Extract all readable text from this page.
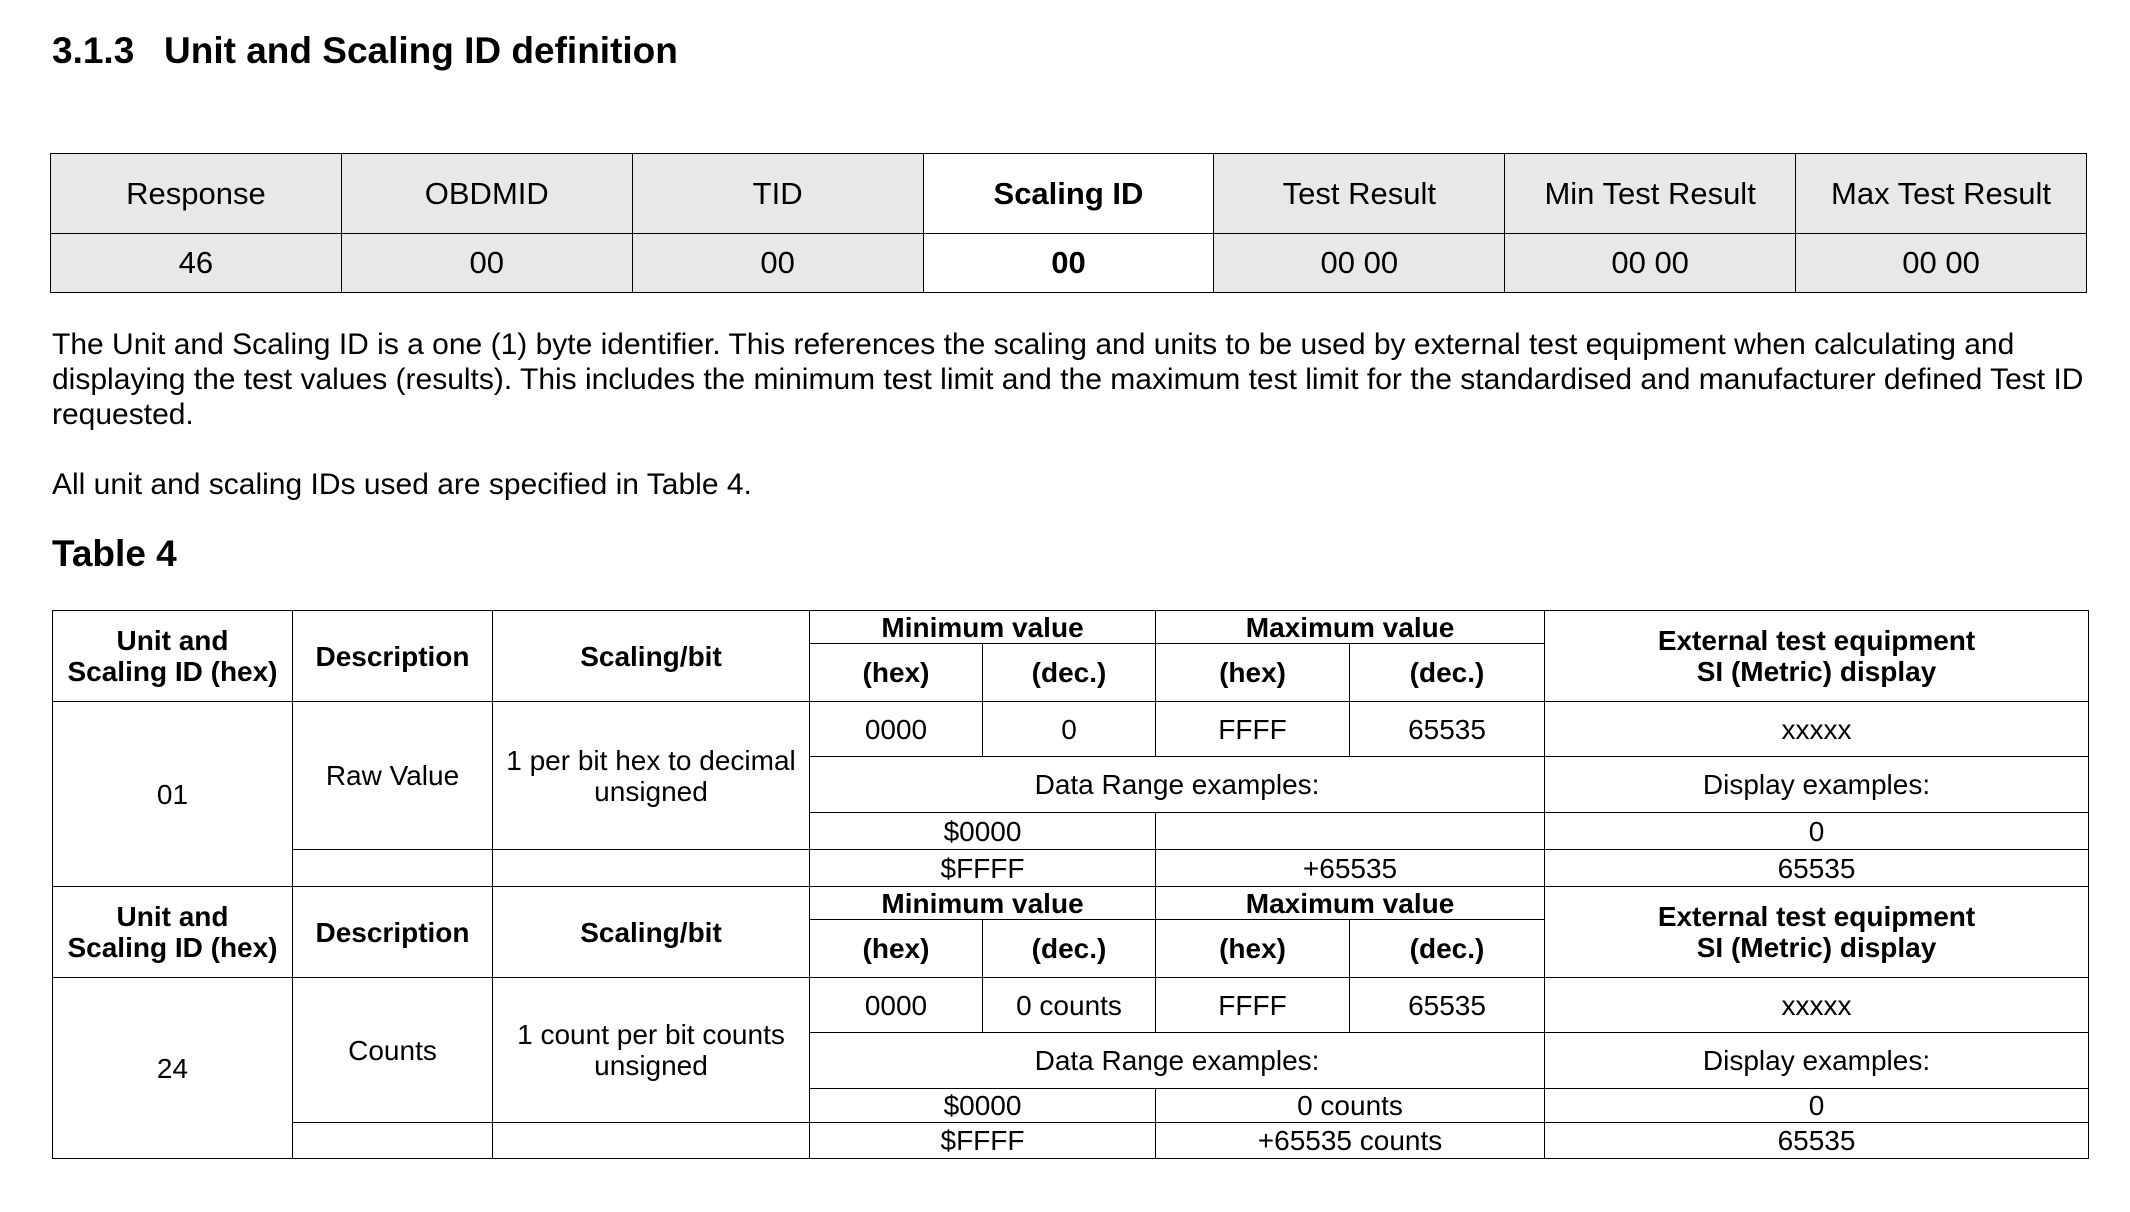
3.1.3 Unit and Scaling ID definition
Response	OBDMID	TID	Scaling ID	Test Result	Min Test Result	Max Test Result
46	00	00	00	00 00	00 00	00 00

The Unit and Scaling ID is a one (1) byte identifier. This references the scaling and units to be used by external test equipment when calculating and displaying the test values (results). This includes the minimum test limit and the maximum test limit for the standardised and manufacturer defined Test ID requested.

All unit and scaling IDs used are specified in Table 4.

Table 4
Unit and
Scaling ID (hex)	Description	Scaling/bit	Minimum value		Maximum value		External test equipment
SI (Metric) display
			(hex)	(dec.)	(hex)	(dec.)	
01	Raw Value	1 per bit hex to decimal
unsigned	0000	0	FFFF	65535	xxxxx
			Data Range examples:				Display examples:
			$0000				0
			$FFFF		+65535		65535
Unit and
Scaling ID (hex)	Description	Scaling/bit	Minimum value		Maximum value		External test equipment
SI (Metric) display
			(hex)	(dec.)	(hex)	(dec.)	
24	Counts	1 count per bit counts
unsigned	0000	0 counts	FFFF	65535	xxxxx
			Data Range examples:				Display examples:
			$0000		0 counts		0
			$FFFF		+65535 counts		65535
